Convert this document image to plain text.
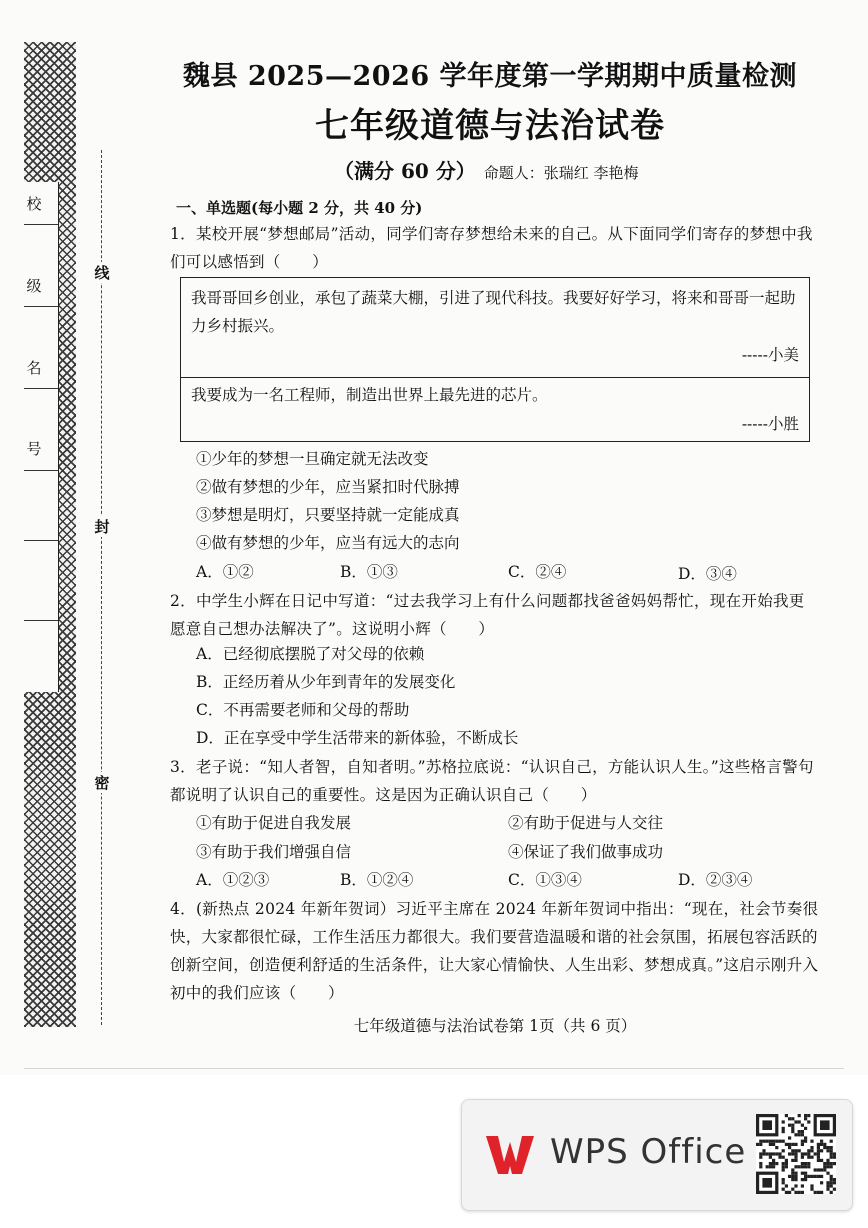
校
级
名
号
线
封
密
魏县 2025—2026 学年度第一学期期中质量检测
七年级道德与法治试卷
（满分 60 分） 命题人：张瑞红 李艳梅
一、单选题(每小题 2 分，共 40 分)
1．某校开展“梦想邮局”活动，同学们寄存梦想给未来的自己。从下面同学们寄存的梦想中我们可以感悟到（　　）
我哥哥回乡创业，承包了蔬菜大棚，引进了现代科技。我要好好学习，将来和哥哥一起助力乡村振兴。
-----小美
我要成为一名工程师，制造出世界上最先进的芯片。
-----小胜
①少年的梦想一旦确定就无法改变
②做有梦想的少年，应当紧扣时代脉搏
③梦想是明灯，只要坚持就一定能成真
④做有梦想的少年，应当有远大的志向
A．①②	B．①③	C．②④	D．③④
2．中学生小辉在日记中写道：“过去我学习上有什么问题都找爸爸妈妈帮忙，现在开始我更愿意自己想办法解决了”。这说明小辉（　　）
A．已经彻底摆脱了对父母的依赖
B．正经历着从少年到青年的发展变化
C．不再需要老师和父母的帮助
D．正在享受中学生活带来的新体验，不断成长
3．老子说：“知人者智，自知者明。”苏格拉底说：“认识自己，方能认识人生。”这些格言警句都说明了认识自己的重要性。这是因为正确认识自己（　　）
①有助于促进自我发展	②有助于促进与人交往
③有助于我们增强自信	④保证了我们做事成功
A．①②③	B．①②④	C．①③④	D．②③④
4．(新热点 2024 年新年贺词）习近平主席在 2024 年新年贺词中指出：“现在，社会节奏很快，大家都很忙碌，工作生活压力都很大。我们要营造温暖和谐的社会氛围，拓展包容活跃的创新空间，创造便利舒适的生活条件，让大家心情愉快、人生出彩、梦想成真。”这启示刚升入初中的我们应该（　　）
七年级道德与法治试卷第 1页（共 6 页）
WPS Office
